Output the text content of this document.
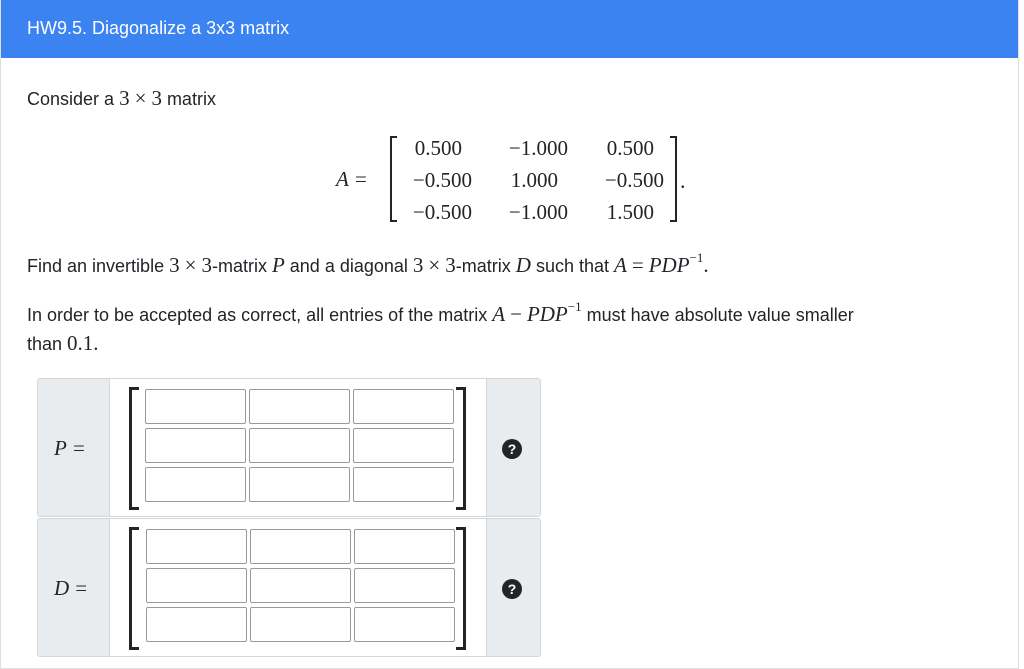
HW9.5. Diagonalize a 3x3 matrix
Consider a 3 × 3 matrix
A =
0.500	−1.000	0.500
−0.500	1.000	−0.500
−0.500	−1.000	1.500
.
Find an invertible 3 × 3-matrix P and a diagonal 3 × 3-matrix D such that $A = PDP^{-1}$.
In order to be accepted as correct, all entries of the matrix $A - PDP^{-1}$ must have absolute value smaller
than 0.1.
P =	?
D =	?
